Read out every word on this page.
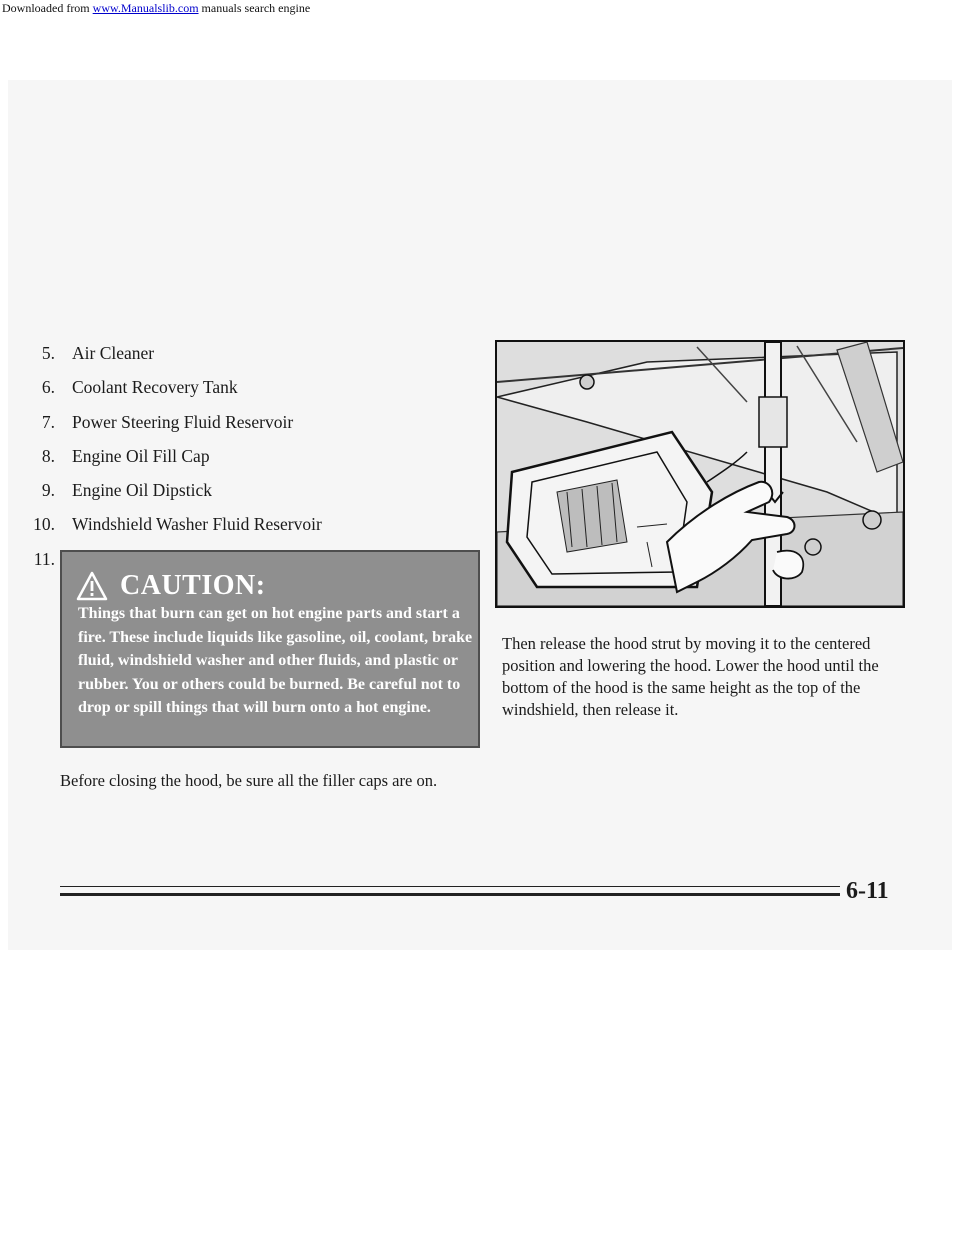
Downloaded from www.Manualslib.com manuals search engine
5. Air Cleaner
6. Coolant Recovery Tank
7. Power Steering Fluid Reservoir
8. Engine Oil Fill Cap
9. Engine Oil Dipstick
10. Windshield Washer Fluid Reservoir
11.
CAUTION:

Things that burn can get on hot engine parts and start a fire. These include liquids like gasoline, oil, coolant, brake fluid, windshield washer and other fluids, and plastic or rubber. You or others could be burned. Be careful not to drop or spill things that will burn onto a hot engine.

Before closing the hood, be sure all the filler caps are on.

Then release the hood strut by moving it to the centered position and lowering the hood. Lower the hood until the bottom of the hood is the same height as the top of the windshield, then release it.

6-11
Carmanualsonline.info
